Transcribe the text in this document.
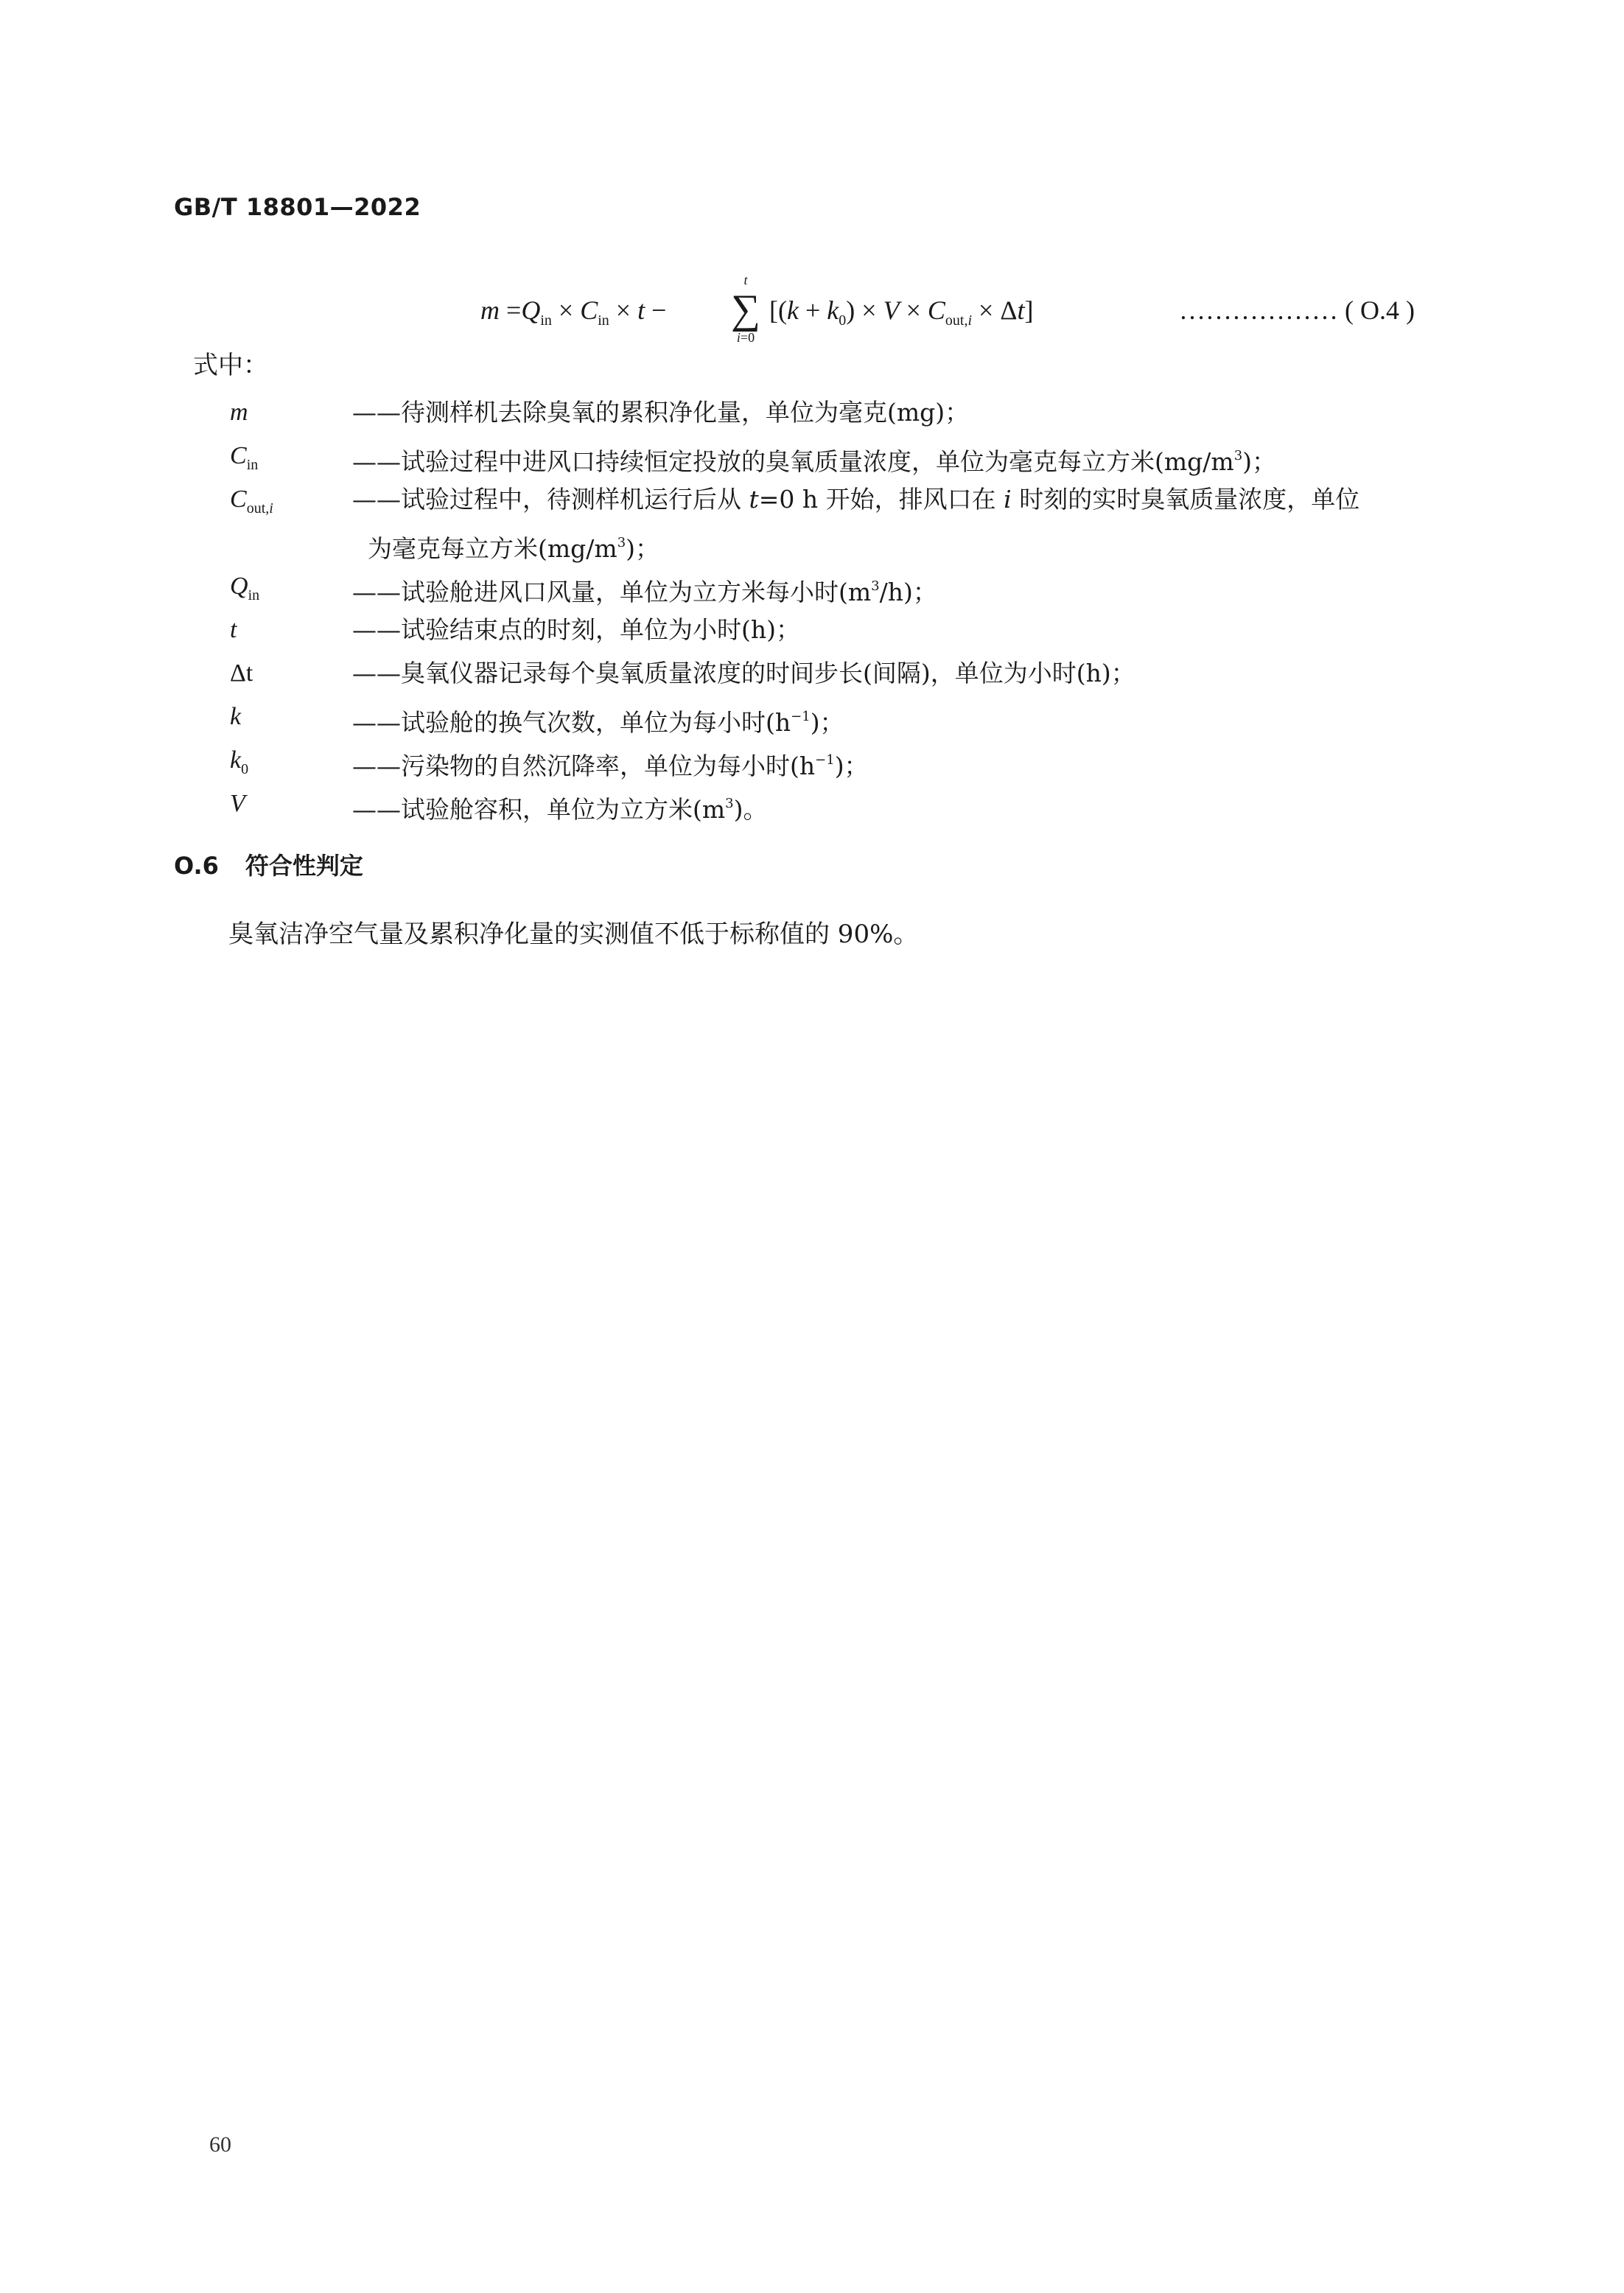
GB/T 18801—2022
$m =Q_{in} \times C_{in} \times t$ −
t
∑
i=0
$[(k + k_0) \times V \times C_{out,i} \times \Delta t]$	……………… ( O.4 )
式中：
m	——待测样机去除臭氧的累积净化量，单位为毫克(mg)；
$C_{in}$	——试验过程中进风口持续恒定投放的臭氧质量浓度，单位为毫克每立方米$(mg/m^3)$；
$C_{out,i}$	——试验过程中，待测样机运行后从 t=0 h 开始，排风口在 i 时刻的实时臭氧质量浓度，单位
为毫克每立方米$(mg/m^3)$；
$Q_{in}$	——试验舱进风口风量，单位为立方米每小时$(m^3/h)$；
t	——试验结束点的时刻，单位为小时(h)；
Δt	——臭氧仪器记录每个臭氧质量浓度的时间步长(间隔)，单位为小时(h)；
k	——试验舱的换气次数，单位为每小时$(h^{-1})$；
$k_0$	——污染物的自然沉降率，单位为每小时$(h^{-1})$；
V	——试验舱容积，单位为立方米$(m^3)$。
O.6 符合性判定
臭氧洁净空气量及累积净化量的实测值不低于标称值的 90%。
60
